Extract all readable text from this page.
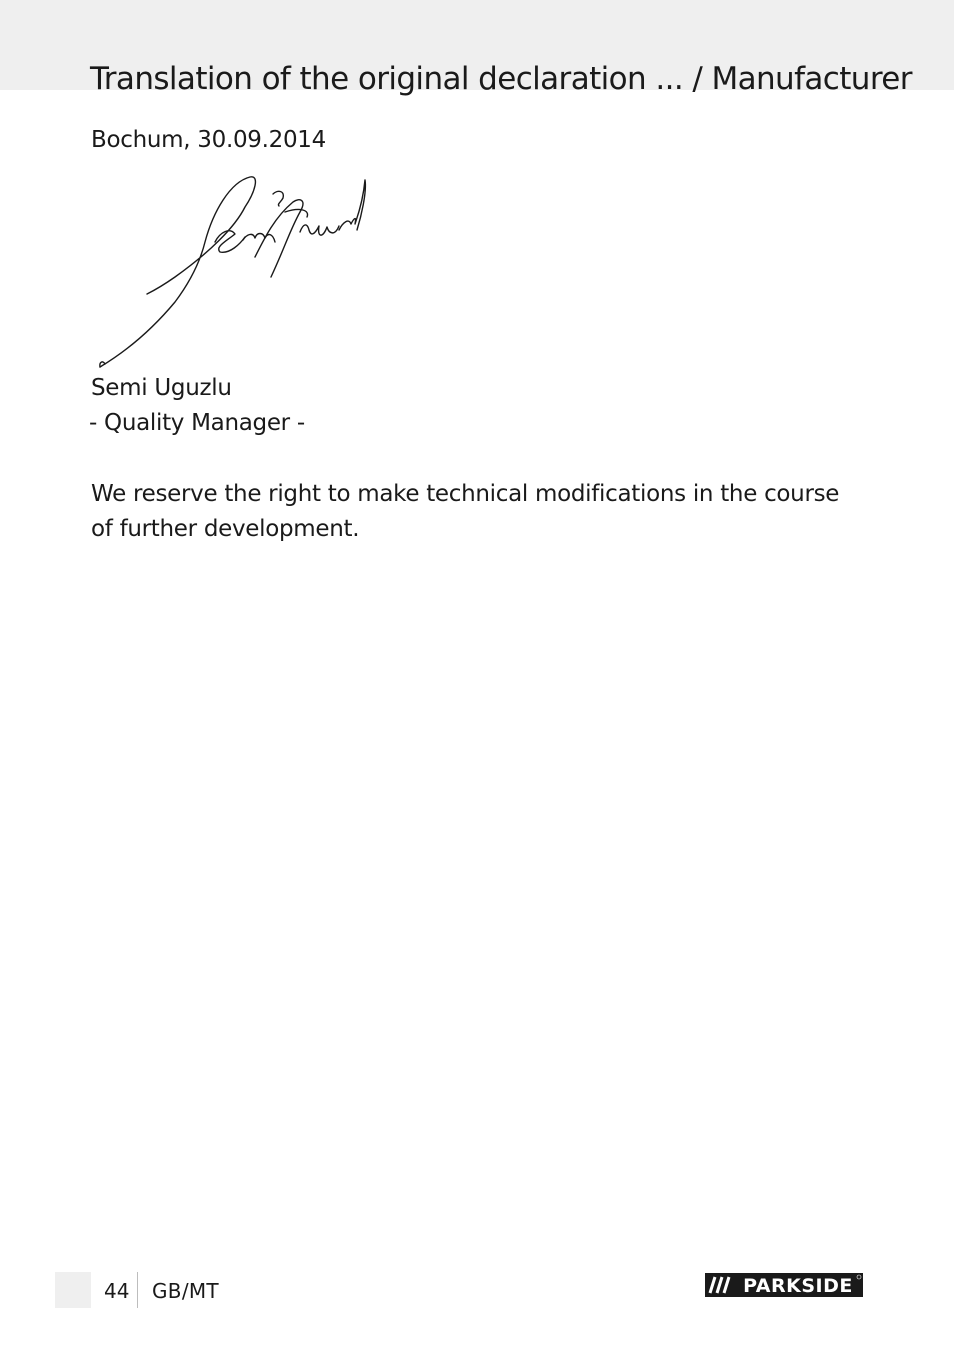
Translation of the original declaration ... / Manufacturer
Bochum, 30.09.2014
Semi Uguzlu
- Quality Manager -
We reserve the right to make technical modifications in the course of further development.
44 GB/MT	PARKSIDE
